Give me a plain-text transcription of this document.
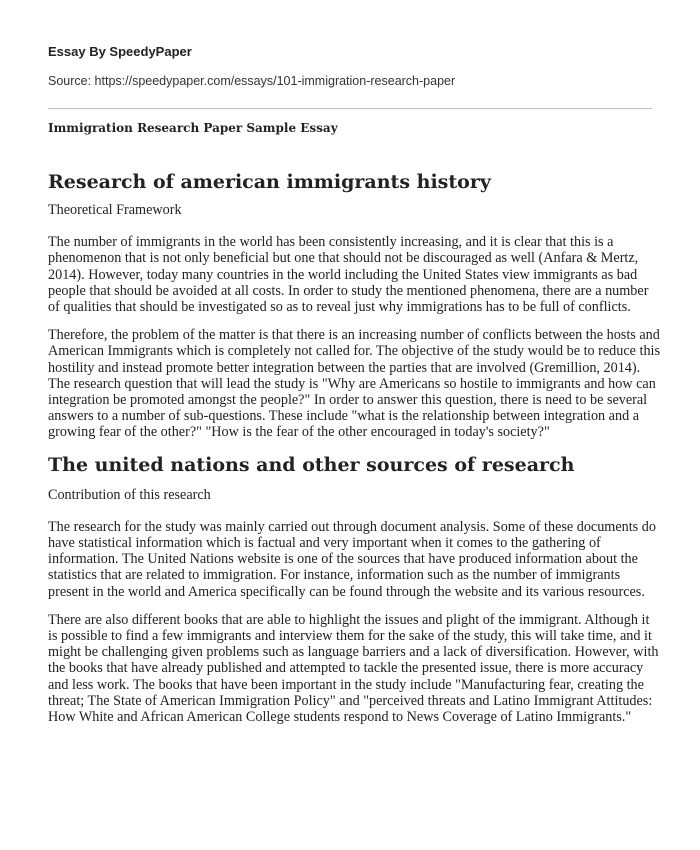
Essay By SpeedyPaper
Source: https://speedypaper.com/essays/101-immigration-research-paper
Immigration Research Paper Sample Essay
Research of american immigrants history

Theoretical Framework

The number of immigrants in the world has been consistently increasing, and it is clear that this is a phenomenon that is not only beneficial but one that should not be discouraged as well (Anfara & Mertz, 2014). However, today many countries in the world including the United States view immigrants as bad people that should be avoided at all costs. In order to study the mentioned phenomena, there are a number of qualities that should be investigated so as to reveal just why immigrations has to be full of conflicts.

Therefore, the problem of the matter is that there is an increasing number of conflicts between the hosts and American Immigrants which is completely not called for. The objective of the study would be to reduce this hostility and instead promote better integration between the parties that are involved (Gremillion, 2014). The research question that will lead the study is "Why are Americans so hostile to immigrants and how can integration be promoted amongst the people?" In order to answer this question, there is need to be several answers to a number of sub-questions. These include "what is the relationship between integration and a growing fear of the other?" "How is the fear of the other encouraged in today's society?"

The united nations and other sources of research

Contribution of this research

The research for the study was mainly carried out through document analysis. Some of these documents do have statistical information which is factual and very important when it comes to the gathering of information. The United Nations website is one of the sources that have produced information about the statistics that are related to immigration. For instance, information such as the number of immigrants present in the world and America specifically can be found through the website and its various resources.

There are also different books that are able to highlight the issues and plight of the immigrant. Although it is possible to find a few immigrants and interview them for the sake of the study, this will take time, and it might be challenging given problems such as language barriers and a lack of diversification. However, with the books that have already published and attempted to tackle the presented issue, there is more accuracy and less work. The books that have been important in the study include "Manufacturing fear, creating the threat; The State of American Immigration Policy" and "perceived threats and Latino Immigrant Attitudes: How White and African American College students respond to News Coverage of Latino Immigrants."
